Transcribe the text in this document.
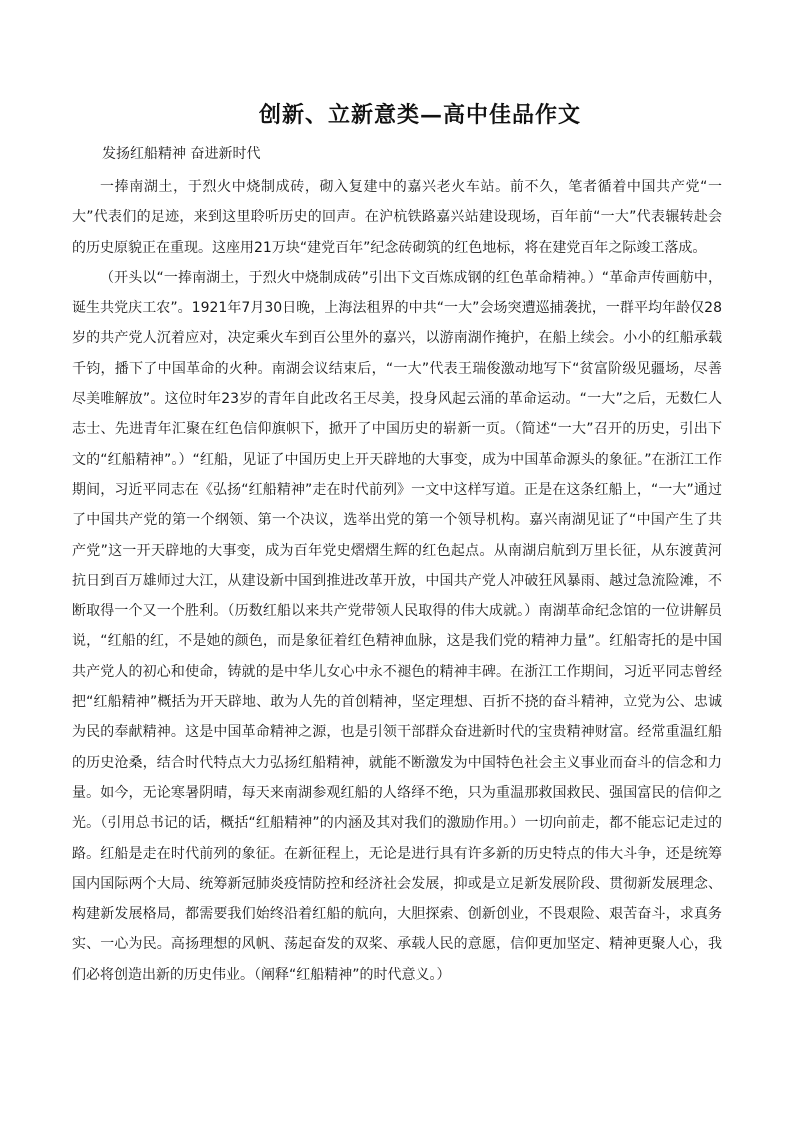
创新、立新意类—高中佳品作文

发扬红船精神 奋进新时代

一捧南湖土，于烈火中烧制成砖，砌入复建中的嘉兴老火车站。前不久，笔者循着中国共产党“一大”代表们的足迹，来到这里聆听历史的回声。在沪杭铁路嘉兴站建设现场，百年前“一大”代表辗转赴会的历史原貌正在重现。这座用21万块“建党百年”纪念砖砌筑的红色地标，将在建党百年之际竣工落成。

（开头以“一捧南湖土，于烈火中烧制成砖”引出下文百炼成钢的红色革命精神。）“革命声传画舫中，诞生共党庆工农”。1921年7月30日晚，上海法租界的中共“一大”会场突遭巡捕袭扰，一群平均年龄仅28岁的共产党人沉着应对，决定乘火车到百公里外的嘉兴，以游南湖作掩护，在船上续会。小小的红船承载千钧，播下了中国革命的火种。南湖会议结束后，“一大”代表王瑞俊激动地写下“贫富阶级见疆场，尽善尽美唯解放”。这位时年23岁的青年自此改名王尽美，投身风起云涌的革命运动。“一大”之后，无数仁人志士、先进青年汇聚在红色信仰旗帜下，掀开了中国历史的崭新一页。（简述“一大”召开的历史，引出下文的“红船精神”。）“红船，见证了中国历史上开天辟地的大事变，成为中国革命源头的象征。”在浙江工作期间，习近平同志在《弘扬“红船精神”走在时代前列》一文中这样写道。正是在这条红船上，“一大”通过了中国共产党的第一个纲领、第一个决议，选举出党的第一个领导机构。嘉兴南湖见证了“中国产生了共产党”这一开天辟地的大事变，成为百年党史熠熠生辉的红色起点。从南湖启航到万里长征，从东渡黄河抗日到百万雄师过大江，从建设新中国到推进改革开放，中国共产党人冲破狂风暴雨、越过急流险滩，不断取得一个又一个胜利。（历数红船以来共产党带领人民取得的伟大成就。）南湖革命纪念馆的一位讲解员说，“红船的红，不是她的颜色，而是象征着红色精神血脉，这是我们党的精神力量”。红船寄托的是中国共产党人的初心和使命，铸就的是中华儿女心中永不褪色的精神丰碑。在浙江工作期间，习近平同志曾经把“红船精神”概括为开天辟地、敢为人先的首创精神，坚定理想、百折不挠的奋斗精神，立党为公、忠诚为民的奉献精神。这是中国革命精神之源，也是引领干部群众奋进新时代的宝贵精神财富。经常重温红船的历史沧桑，结合时代特点大力弘扬红船精神，就能不断激发为中国特色社会主义事业而奋斗的信念和力量。如今，无论寒暑阴晴，每天来南湖参观红船的人络绎不绝，只为重温那救国救民、强国富民的信仰之光。（引用总书记的话，概括“红船精神”的内涵及其对我们的激励作用。）一切向前走，都不能忘记走过的路。红船是走在时代前列的象征。在新征程上，无论是进行具有许多新的历史特点的伟大斗争，还是统筹国内国际两个大局、统筹新冠肺炎疫情防控和经济社会发展，抑或是立足新发展阶段、贯彻新发展理念、构建新发展格局，都需要我们始终沿着红船的航向，大胆探索、创新创业，不畏艰险、艰苦奋斗，求真务实、一心为民。高扬理想的风帆、荡起奋发的双桨、承载人民的意愿，信仰更加坚定、精神更聚人心，我们必将创造出新的历史伟业。（阐释“红船精神”的时代意义。）
